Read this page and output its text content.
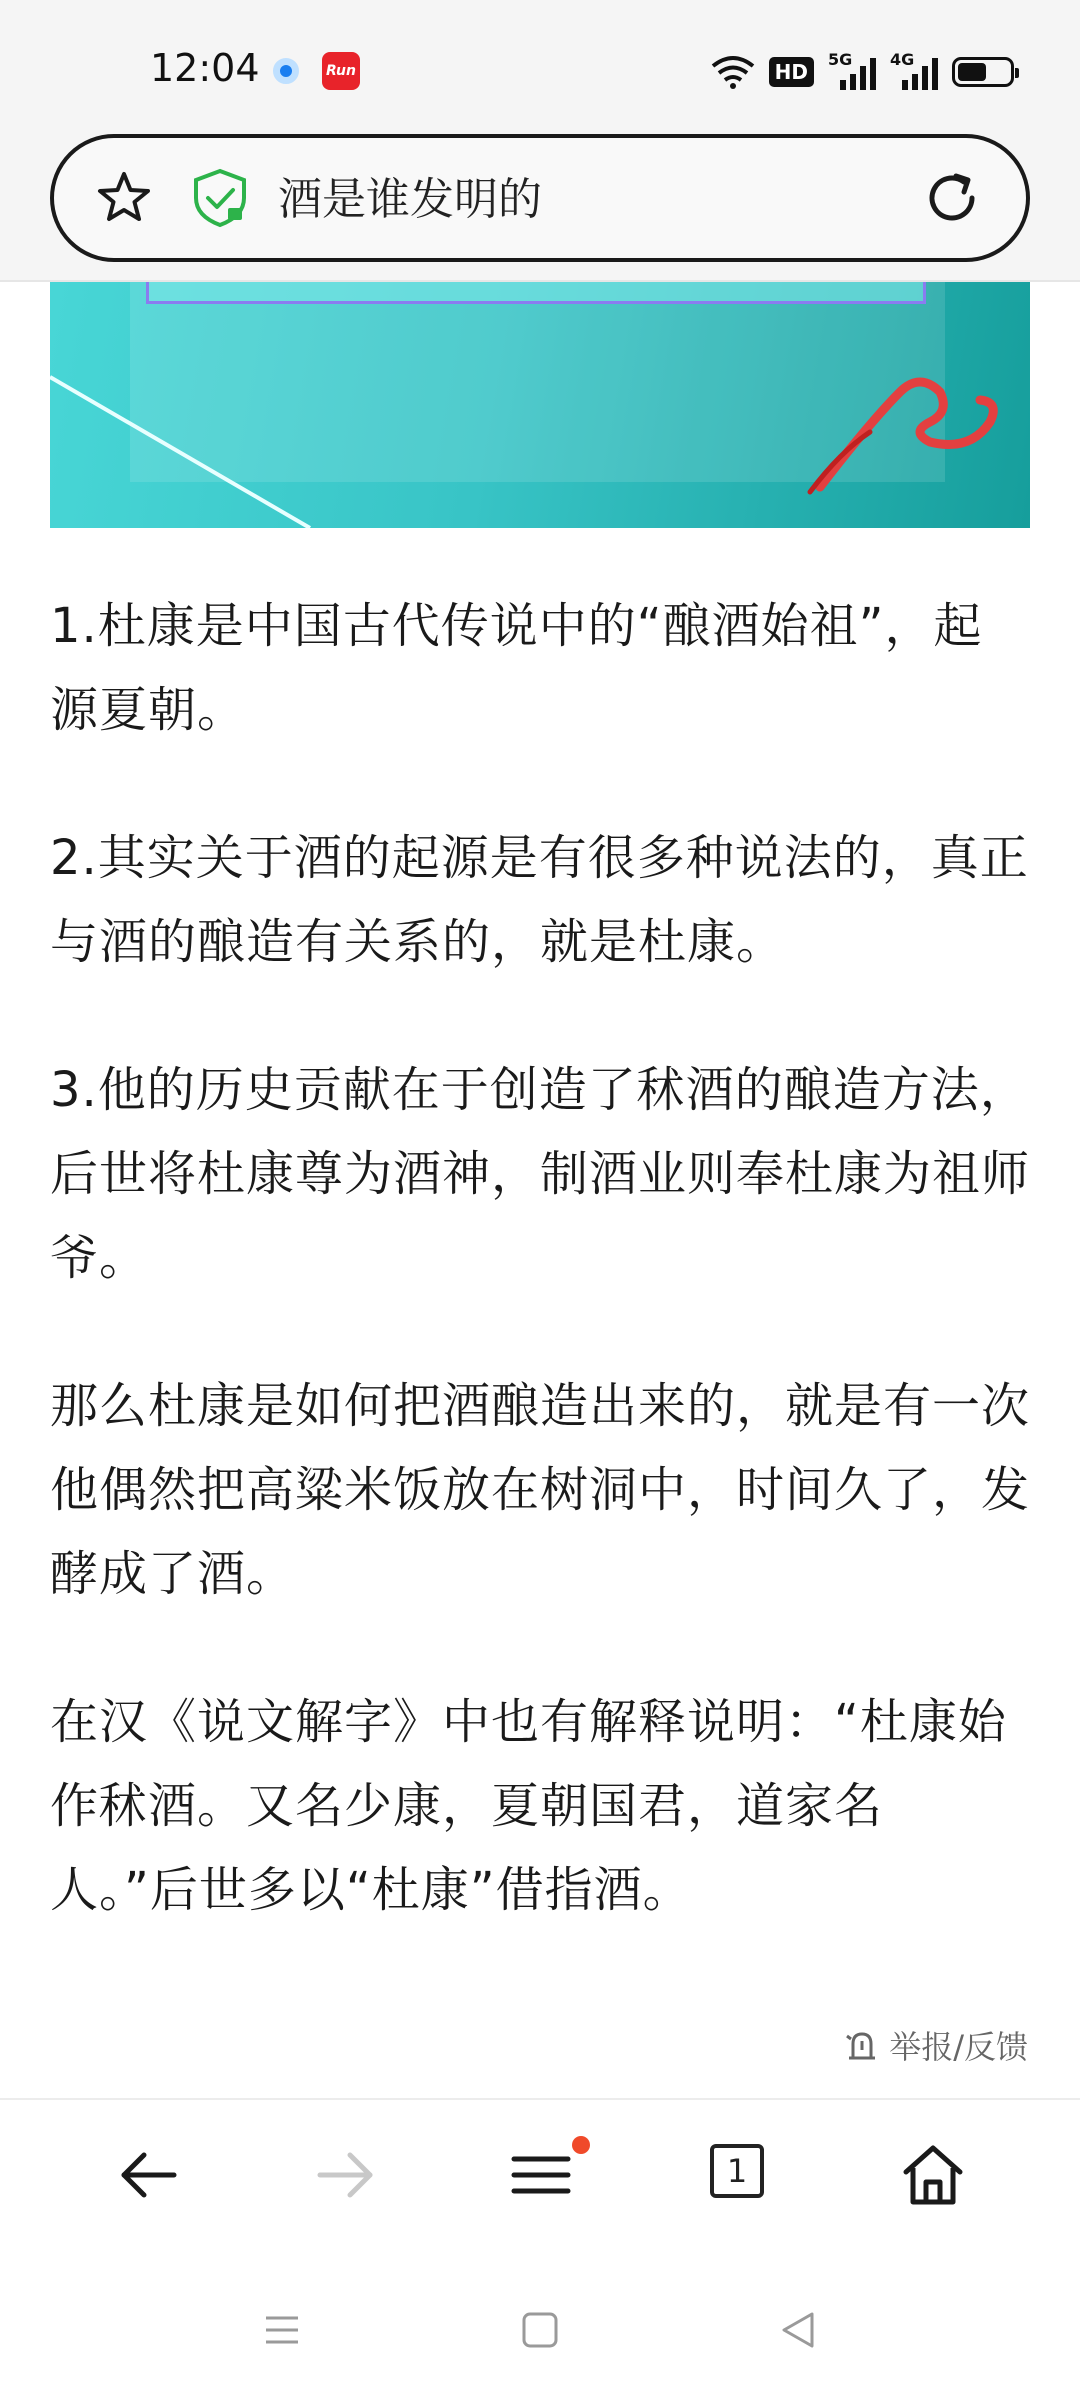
12:04	Run	HD
5G 4G
酒是谁发明的

1.杜康是中国古代传说中的“酿酒始祖”，起源夏朝。

2.其实关于酒的起源是有很多种说法的，真正与酒的酿造有关系的，就是杜康。

3.他的历史贡献在于创造了秫酒的酿造方法，后世将杜康尊为酒神，制酒业则奉杜康为祖师爷。

那么杜康是如何把酒酿造出来的，就是有一次他偶然把高粱米饭放在树洞中，时间久了，发酵成了酒。

在汉《说文解字》中也有解释说明：“杜康始作秫酒。又名少康，夏朝国君，道家名人。”后世多以“杜康”借指酒。

举报/反馈
1
